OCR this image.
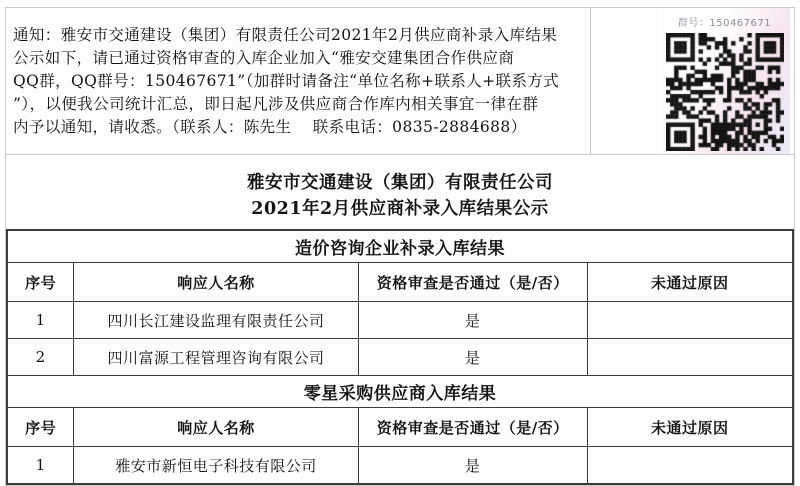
通知：雅安市交通建设（集团）有限责任公司2021年2月供应商补录入库结果
公示如下，请已通过资格审查的入库企业加入“雅安交建集团合作供应商
QQ群，QQ群号：150467671”（加群时请备注“单位名称+联系人+联系方式
”），以便我公司统计汇总，即日起凡涉及供应商合作库内相关事宜一律在群
内予以通知，请收悉。（联系人：陈先生　 联系电话：0835-2884688）
群号：150467671
雅安市交通建设（集团）有限责任公司
2021年2月供应商补录入库结果公示
造价咨询企业补录入库结果			
序号	响应人名称	资格审查是否通过（是/否）	未通过原因
1	四川长江建设监理有限责任公司	是	
2	四川富源工程管理咨询有限公司	是	
零星采购供应商入库结果			
序号	响应人名称	资格审查是否通过（是/否）	未通过原因
1	雅安市新恒电子科技有限公司	是	
